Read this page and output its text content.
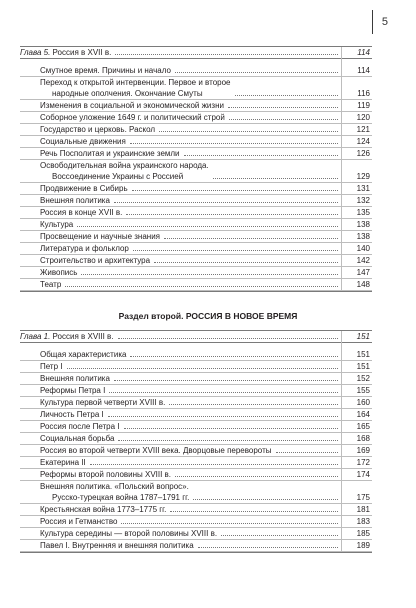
5
Глава 5. Россия в XVII в.	114
Смутное время. Причины и начало	114
Переход к открытой интервенции. Первое и второе
народные ополчения. Окончание Смуты	116
Изменения в социальной и экономической жизни	119
Соборное уложение 1649 г. и политический строй	120
Государство и церковь. Раскол	121
Социальные движения	124
Речь Посполитая и украинские земли	126
Освободительная война украинского народа.
Воссоединение Украины с Россией	129
Продвижение в Сибирь	131
Внешняя политика	132
Россия в конце XVII в.	135
Культура	138
Просвещение и научные знания	138
Литература и фольклор	140
Строительство и архитектура	142
Живопись	147
Театр	148
Раздел второй. РОССИЯ В НОВОЕ ВРЕМЯ
Глава 1. Россия в XVIII в.	151
Общая характеристика	151
Петр I	151
Внешняя политика	152
Реформы Петра I	155
Культура первой четверти XVIII в.	160
Личность Петра I	164
Россия после Петра I	165
Социальная борьба	168
Россия во второй четверти XVIII века. Дворцовые перевороты	169
Екатерина II	172
Реформы второй половины XVIII в.	174
Внешняя политика. «Польский вопрос».
Русско-турецкая война 1787–1791 гг.	175
Крестьянская война 1773–1775 гг.	181
Россия и Гетманство	183
Культура середины — второй половины XVIII в.	185
Павел I. Внутренняя и внешняя политика	189
